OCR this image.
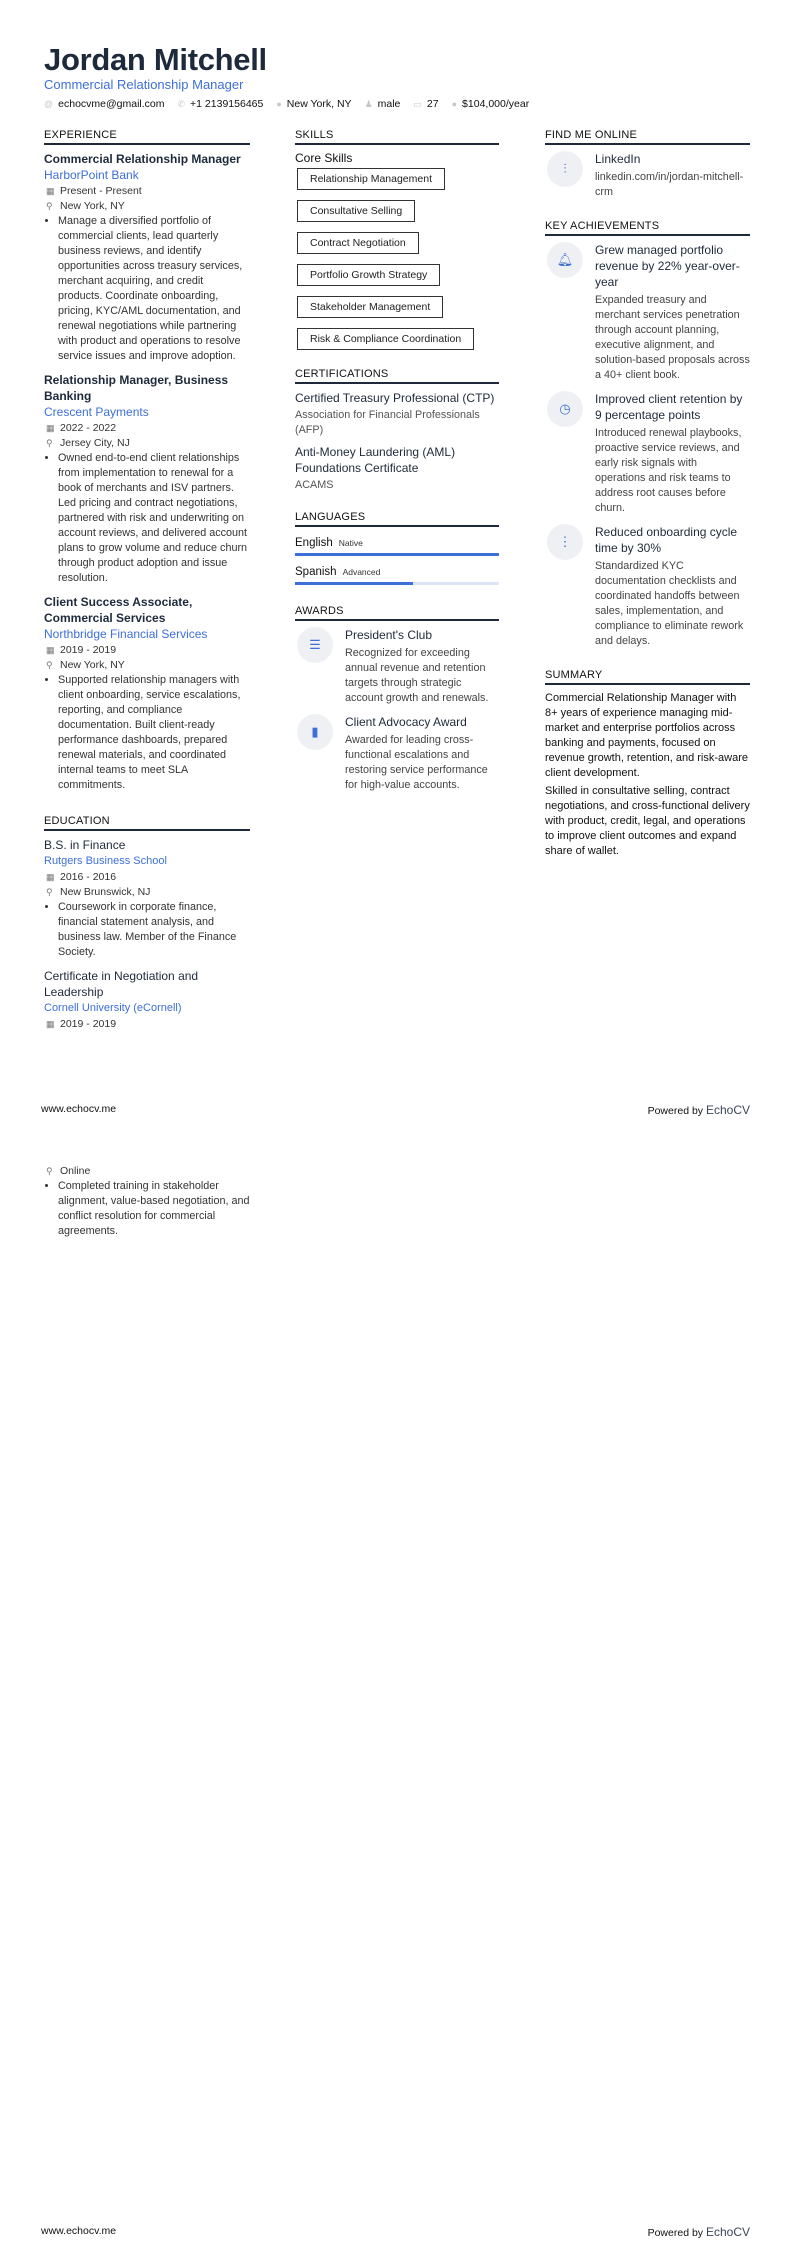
Jordan Mitchell
Commercial Relationship Manager
@ echocvme@gmail.com ✆ +1 2139156465 ● New York, NY ♟ male ▭ 27 ● $104,000/year
EXPERIENCE
Commercial Relationship Manager
HarborPoint Bank
▦ Present - Present
⚲ New York, NY
• Manage a diversified portfolio of commercial clients, lead quarterly business reviews, and identify opportunities across treasury services, merchant acquiring, and credit products. Coordinate onboarding, pricing, KYC/AML documentation, and renewal negotiations while partnering with product and operations to resolve service issues and improve adoption.
Relationship Manager, Business Banking
Crescent Payments
▦ 2022 - 2022
⚲ Jersey City, NJ
• Owned end-to-end client relationships from implementation to renewal for a book of merchants and ISV partners. Led pricing and contract negotiations, partnered with risk and underwriting on account reviews, and delivered account plans to grow volume and reduce churn through product adoption and issue resolution.
Client Success Associate, Commercial Services
Northbridge Financial Services
▦ 2019 - 2019
⚲ New York, NY
• Supported relationship managers with client onboarding, service escalations, reporting, and compliance documentation. Built client-ready performance dashboards, prepared renewal materials, and coordinated internal teams to meet SLA commitments.
EDUCATION
B.S. in Finance
Rutgers Business School
▦ 2016 - 2016
⚲ New Brunswick, NJ
• Coursework in corporate finance, financial statement analysis, and business law. Member of the Finance Society.
Certificate in Negotiation and Leadership
Cornell University (eCornell)
▦ 2019 - 2019
⚲ Online
• Completed training in stakeholder alignment, value-based negotiation, and conflict resolution for commercial agreements.
SKILLS
Core Skills
Relationship Management
Consultative Selling
Contract Negotiation
Portfolio Growth Strategy
Stakeholder Management
Risk & Compliance Coordination
CERTIFICATIONS
Certified Treasury Professional (CTP)
Association for Financial Professionals (AFP)
Anti-Money Laundering (AML) Foundations Certificate
ACAMS
LANGUAGES
English Native
Spanish Advanced
AWARDS
☰
President's Club
Recognized for exceeding annual revenue and retention targets through strategic account growth and renewals.
▮
Client Advocacy Award
Awarded for leading cross-functional escalations and restoring service performance for high-value accounts.
FIND ME ONLINE
⫶
LinkedIn
linkedin.com/in/jordan-mitchell-crm
KEY ACHIEVEMENTS
🔔︎
Grew managed portfolio revenue by 22% year-over-year
Expanded treasury and merchant services penetration through account planning, executive alignment, and solution-based proposals across a 40+ client book.
◷
Improved client retention by 9 percentage points
Introduced renewal playbooks, proactive service reviews, and early risk signals with operations and risk teams to address root causes before churn.
⋮
Reduced onboarding cycle time by 30%
Standardized KYC documentation checklists and coordinated handoffs between sales, implementation, and compliance to eliminate rework and delays.
SUMMARY

Commercial Relationship Manager with 8+ years of experience managing mid-market and enterprise portfolios across banking and payments, focused on revenue growth, retention, and risk-aware client development.

Skilled in consultative selling, contract negotiations, and cross-functional delivery with product, credit, legal, and operations to improve client outcomes and expand share of wallet.

www.echocv.me	Powered by EchoCV
www.echocv.me	Powered by EchoCV
